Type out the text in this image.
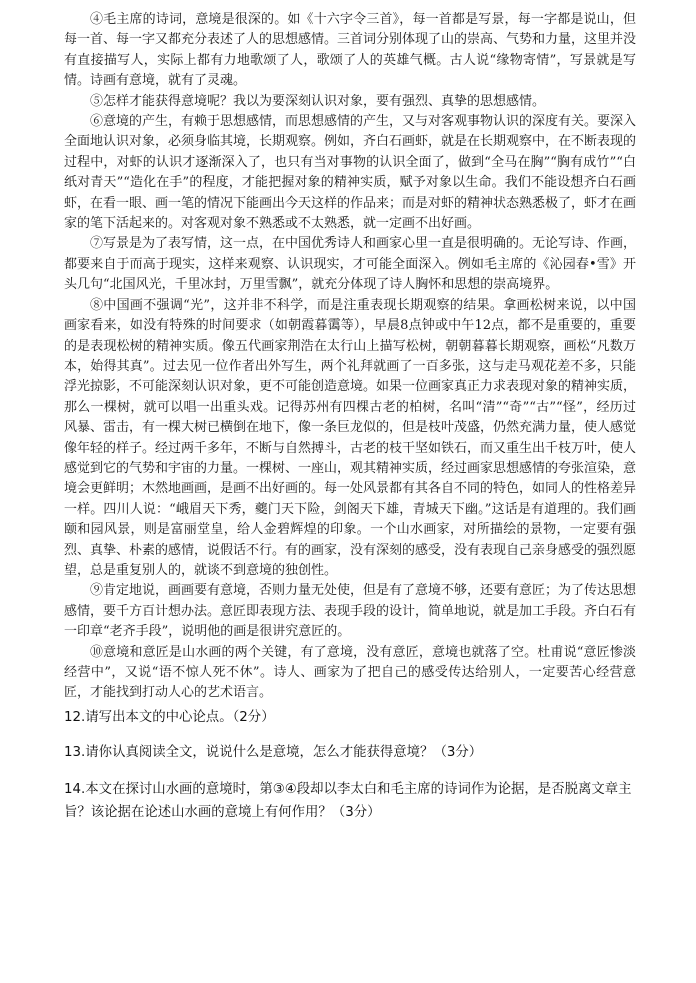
④毛主席的诗词，意境是很深的。如《十六字令三首》，每一首都是写景，每一字都是说山，但每一首、每一字又都充分表述了人的思想感情。三首词分别体现了山的崇高、气势和力量，这里并没有直接描写人，实际上都有力地歌颂了人，歌颂了人的英雄气概。古人说“缘物寄情”，写景就是写情。诗画有意境，就有了灵魂。

⑤怎样才能获得意境呢？我以为要深刻认识对象，要有强烈、真挚的思想感情。

⑥意境的产生，有赖于思想感情，而思想感情的产生，又与对客观事物认识的深度有关。要深入全面地认识对象，必须身临其境，长期观察。例如，齐白石画虾，就是在长期观察中，在不断表现的过程中，对虾的认识才逐渐深入了，也只有当对事物的认识全面了，做到“全马在胸”“胸有成竹”“白纸对青天”“造化在手”的程度，才能把握对象的精神实质，赋予对象以生命。我们不能设想齐白石画虾，在看一眼、画一笔的情况下能画出今天这样的作品来；而是对虾的精神状态熟悉极了，虾才在画家的笔下活起来的。对客观对象不熟悉或不太熟悉，就一定画不出好画。

⑦写景是为了表写情，这一点，在中国优秀诗人和画家心里一直是很明确的。无论写诗、作画，都要来自于而高于现实，这样来观察、认识现实，才可能全面深入。例如毛主席的《沁园春•雪》开头几句“北国风光，千里冰封，万里雪飘”，就充分体现了诗人胸怀和思想的崇高境界。

⑧中国画不强调“光”，这并非不科学，而是注重表现长期观察的结果。拿画松树来说，以中国画家看来，如没有特殊的时间要求（如朝霞暮霭等），早晨8点钟或中午12点，都不是重要的，重要的是表现松树的精神实质。像五代画家荆浩在太行山上描写松树，朝朝暮暮长期观察，画松“凡数万本，始得其真”。过去见一位作者出外写生，两个礼拜就画了一百多张，这与走马观花差不多，只能浮光掠影，不可能深刻认识对象，更不可能创造意境。如果一位画家真正力求表现对象的精神实质，那么一棵树，就可以唱一出重头戏。记得苏州有四棵古老的柏树，名叫“清”“奇”“古”“怪”，经历过风暴、雷击，有一棵大树已横倒在地下，像一条巨龙似的，但是枝叶茂盛，仍然充满力量，使人感觉像年轻的样子。经过两千多年，不断与自然搏斗，古老的枝干坚如铁石，而又重生出千枝万叶，使人感觉到它的气势和宇宙的力量。一棵树、一座山，观其精神实质，经过画家思想感情的夸张渲染，意境会更鲜明；木然地画画，是画不出好画的。每一处风景都有其各自不同的特色，如同人的性格差异一样。四川人说：“峨眉天下秀，夔门天下险，剑阁天下雄，青城天下幽。”这话是有道理的。我们画颐和园风景，则是富丽堂皇，给人金碧辉煌的印象。一个山水画家，对所描绘的景物，一定要有强烈、真挚、朴素的感情，说假话不行。有的画家，没有深刻的感受，没有表现自己亲身感受的强烈愿望，总是重复别人的，就谈不到意境的独创性。

⑨肯定地说，画画要有意境，否则力量无处使，但是有了意境不够，还要有意匠；为了传达思想感情，要千方百计想办法。意匠即表现方法、表现手段的设计，简单地说，就是加工手段。齐白石有一印章“老齐手段”，说明他的画是很讲究意匠的。

⑩意境和意匠是山水画的两个关键，有了意境，没有意匠，意境也就落了空。杜甫说“意匠惨淡经营中”，又说“语不惊人死不休”。诗人、画家为了把自己的感受传达给别人，一定要苦心经营意匠，才能找到打动人心的艺术语言。

12.请写出本文的中心论点。（2分）

13.请你认真阅读全文，说说什么是意境，怎么才能获得意境？（3分）

14.本文在探讨山水画的意境时，第③④段却以李太白和毛主席的诗词作为论据，是否脱离文章主旨？该论据在论述山水画的意境上有何作用？（3分）
